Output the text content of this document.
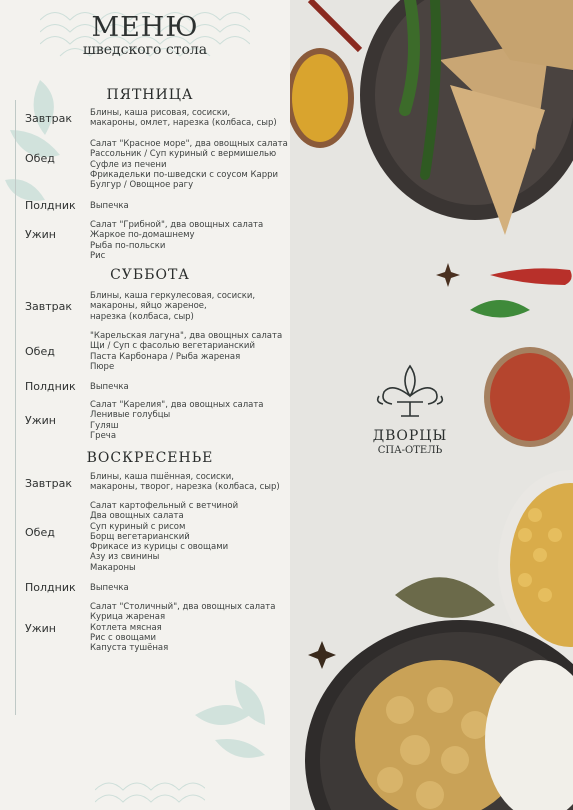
МЕНЮ
шведского стола
ПЯТНИЦА
Завтрак Блины, каша рисовая, сосиски,
макароны, омлет, нарезка (колбаса, сыр)
Обед
Салат "Красное море", два овощных салата
Рассольник / Суп куриный с вермишелью
Суфле из печени
Фрикадельки по-шведски с соусом Карри
Булгур / Овощное рагу
Полдник Выпечка
Ужин
Салат "Грибной", два овощных салата
Жаркое по-домашнему
Рыба по-польски
Рис
СУББОТА
Завтрак
Блины, каша геркулесовая, сосиски,
макароны, яйцо жареное,
нарезка (колбаса, сыр)
Обед
"Карельская лагуна", два овощных салата
Щи / Суп с фасолью вегетарианский
Паста Карбонара / Рыба жареная
Пюре
Полдник Выпечка
Ужин
Салат "Карелия", два овощных салата
Ленивые голубцы
Гуляш
Греча
ВОСКРЕСЕНЬЕ
Завтрак Блины, каша пшённая, сосиски,
макароны, творог, нарезка (колбаса, сыр)
Обед
Салат картофельный с ветчиной
Два овощных салата
Суп куриный с рисом
Борщ вегетарианский
Фрикасе из курицы с овощами
Азу из свинины
Макароны
Полдник Выпечка
Ужин
Салат "Столичный", два овощных салата
Курица жареная
Котлета мясная
Рис с овощами
Капуста тушёная
ДВОРЦЫ
СПА-ОТЕЛЬ
